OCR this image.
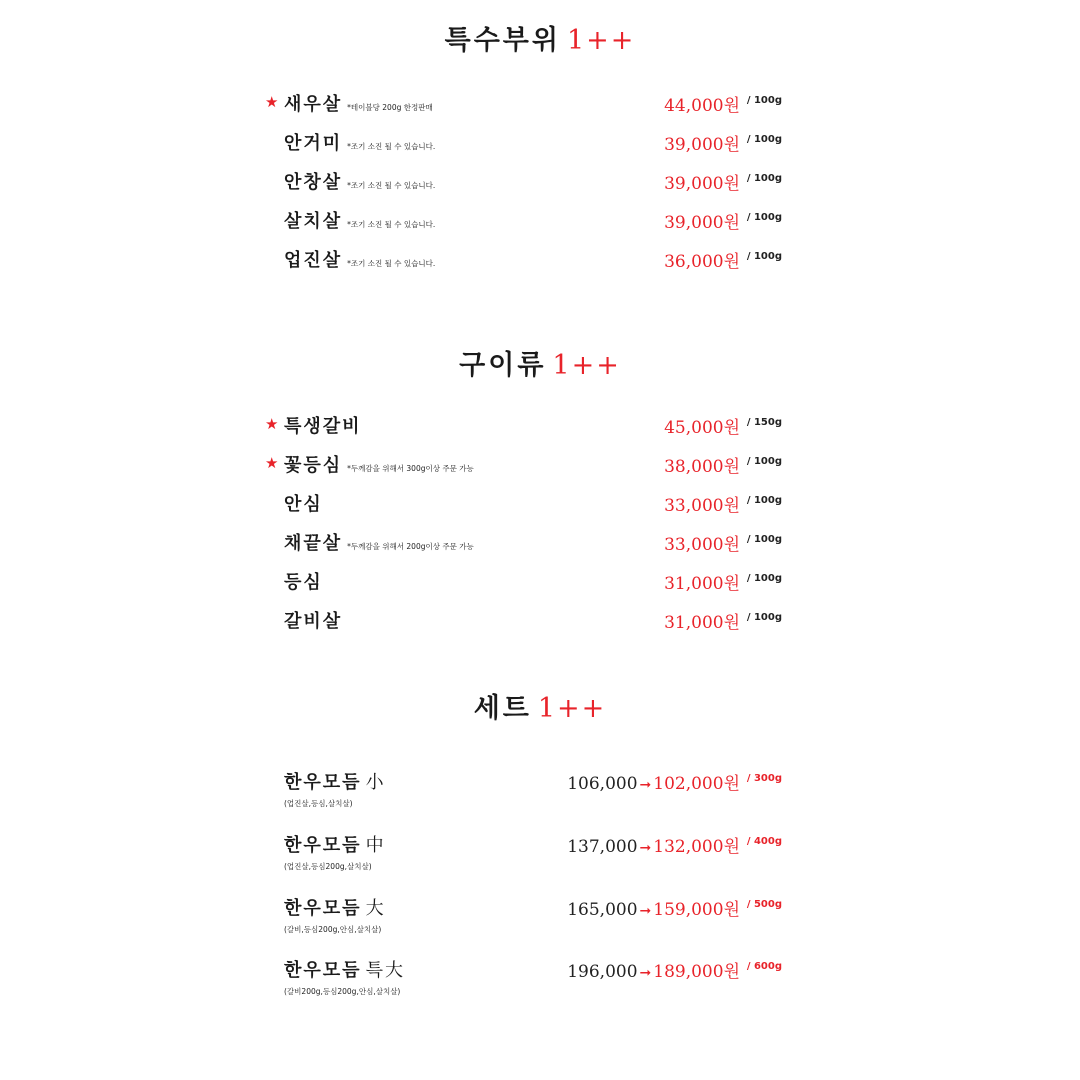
특수부위 1++
★ 새우살 *테이블당 200g 한정판매	44,000원 / 100g
안거미 *조기 소진 될 수 있습니다.	39,000원 / 100g
안창살 *조기 소진 될 수 있습니다.	39,000원 / 100g
살치살 *조기 소진 될 수 있습니다.	39,000원 / 100g
업진살 *조기 소진 될 수 있습니다.	36,000원 / 100g
구이류 1++
★ 특생갈비	45,000원 / 150g
★ 꽃등심 *두께감을 위해서 300g이상 주문 가능	38,000원 / 100g
안심	33,000원 / 100g
채끝살 *두께감을 위해서 200g이상 주문 가능	33,000원 / 100g
등심	31,000원 / 100g
갈비살	31,000원 / 100g
세트 1++
한우모듬 小
(업진살,등심,살치살)
106,000 ➞ 102,000원 / 300g
한우모듬 中
(업진살,등심200g,살치살)
137,000 ➞ 132,000원 / 400g
한우모듬 大
(갈비,등심200g,안심,살치살)
165,000 ➞ 159,000원 / 500g
한우모듬 특大
(갈비200g,등심200g,안심,살치살)
196,000 ➞ 189,000원 / 600g
